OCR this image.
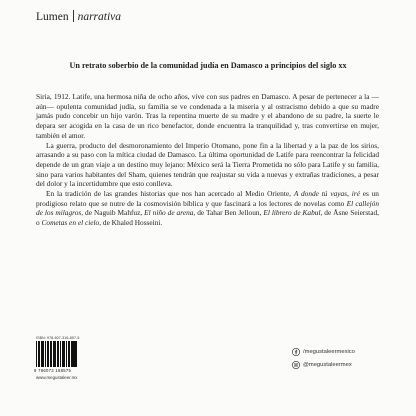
Lumen narrativa
Un retrato soberbio de la comunidad judía en Damasco a principios del siglo xx

Siria, 1912. Latife, una hermosa niña de ocho años, vive con sus padres en Damasco. A pesar de pertenecer a la —aún— opulenta comunidad judía, su familia se ve condenada a la miseria y al ostracismo debido a que su madre jamás pudo concebir un hijo varón. Tras la repentina muerte de su madre y el abandono de su padre, la suerte le depara ser acogida en la casa de un rico benefactor, donde encuentra la tranquilidad y, tras convertirse en mujer, también el amor.

La guerra, producto del desmoronamiento del Imperio Otomano, pone fin a la libertad y a la paz de los sirios, arrasando a su paso con la mítica ciudad de Damasco. La última oportunidad de Latife para reencontrar la felicidad depende de un gran viaje a un destino muy lejano: México será la Tierra Prometida no sólo para Latife y su familia, sino para varios habitantes del Sham, quienes tendrán que reajustar su vida a nuevas y extrañas tradiciones, a pesar del dolor y la incertidumbre que esto conlleva.

En la tradición de las grandes historias que nos han acercado al Medio Oriente, A donde tú vayas, iré es un prodigioso relato que se nutre de la cosmovisión bíblica y que fascinará a los lectores de novelas como El callejón de los milagros, de Naguib Mahfuz, El niño de arena, de Tahar Ben Jelloun, El librero de Kabul, de Åsne Seierstad, o Cometas en el cielo, de Khaled Hosseini.

ISBN: 978-607-316-857-5
9 786073 168575
www.megustaleer.mx
/megustaleermexico
@megustaleermex
